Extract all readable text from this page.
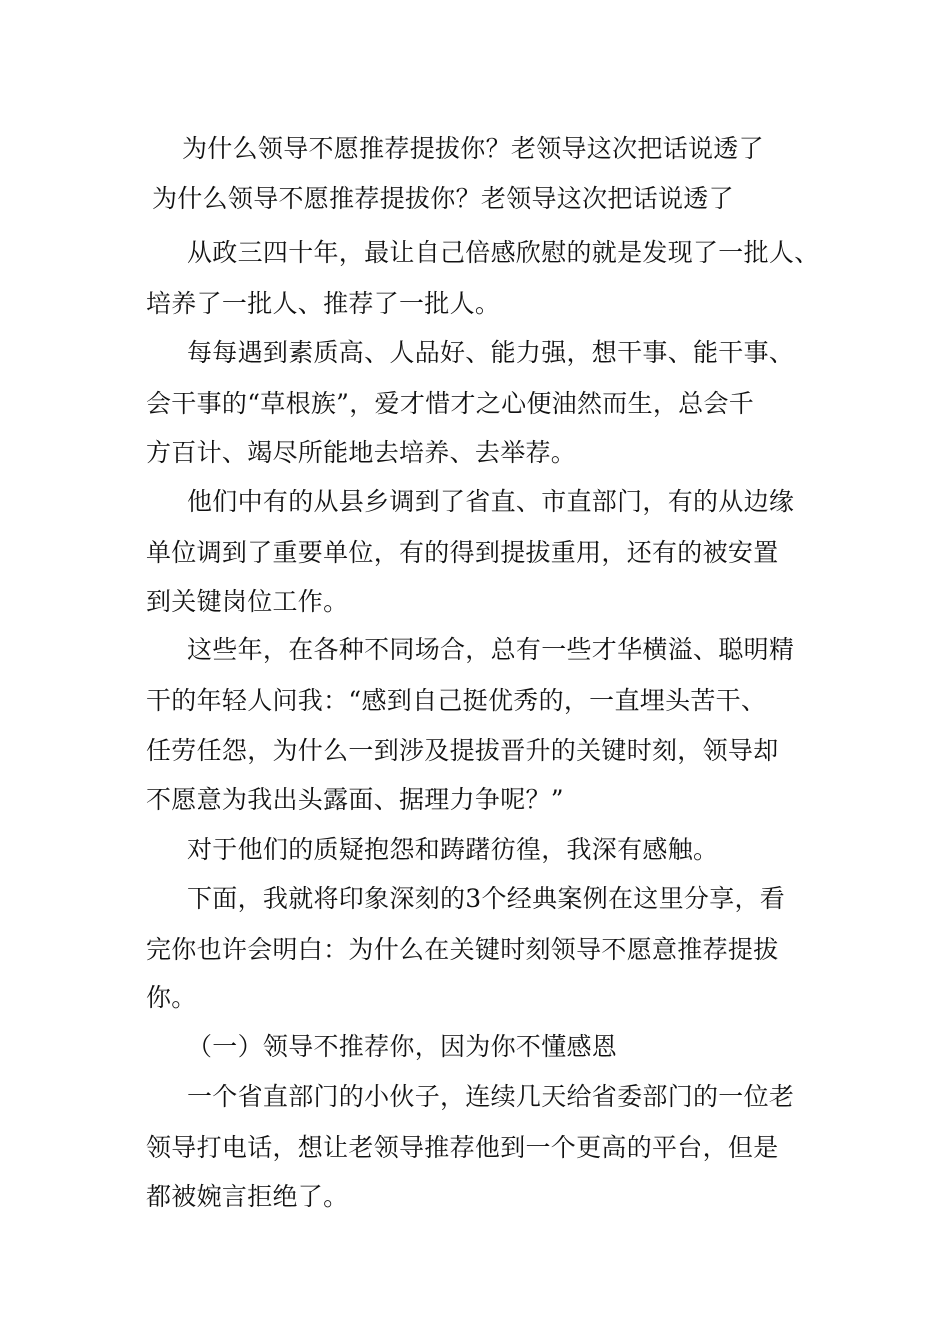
为什么领导不愿推荐提拔你？老领导这次把话说透了
为什么领导不愿推荐提拔你？老领导这次把话说透了
从政三四十年，最让自己倍感欣慰的就是发现了一批人、
培养了一批人、推荐了一批人。
每每遇到素质高、人品好、能力强，想干事、能干事、
会干事的“草根族”，爱才惜才之心便油然而生，总会千
方百计、竭尽所能地去培养、去举荐。
他们中有的从县乡调到了省直、市直部门，有的从边缘
单位调到了重要单位，有的得到提拔重用，还有的被安置
到关键岗位工作。
这些年，在各种不同场合，总有一些才华横溢、聪明精
干的年轻人问我：“感到自己挺优秀的，一直埋头苦干、
任劳任怨，为什么一到涉及提拔晋升的关键时刻，领导却
不愿意为我出头露面、据理力争呢？”
对于他们的质疑抱怨和踌躇彷徨，我深有感触。
下面，我就将印象深刻的3个经典案例在这里分享，看
完你也许会明白：为什么在关键时刻领导不愿意推荐提拔
你。
（一）领导不推荐你，因为你不懂感恩
一个省直部门的小伙子，连续几天给省委部门的一位老
领导打电话，想让老领导推荐他到一个更高的平台，但是
都被婉言拒绝了。
